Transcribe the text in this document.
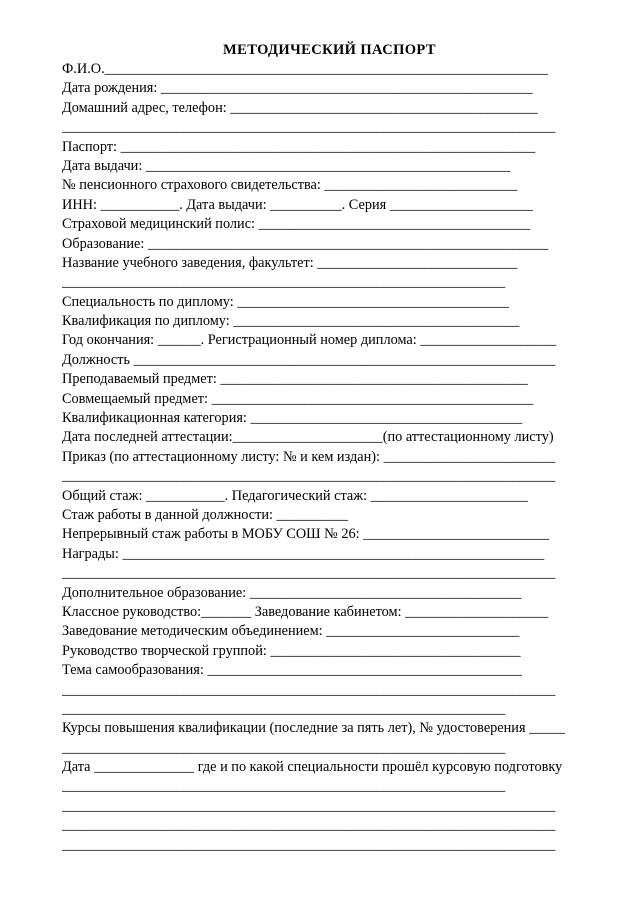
МЕТОДИЧЕСКИЙ ПАСПОРТ
Ф.И.О.______________________________________________________________
Дата рождения: ____________________________________________________
Домашний адрес, телефон: ___________________________________________
_____________________________________________________________________
Паспорт: __________________________________________________________
Дата выдачи: ___________________________________________________
№ пенсионного страхового свидетельства: ___________________________
ИНН: ___________. Дата выдачи: __________. Серия ____________________
Страховой медицинский полис: ______________________________________
Образование: ________________________________________________________
Название учебного заведения, факультет: ____________________________
______________________________________________________________
Специальность по диплому: ______________________________________
Квалификация по диплому: ________________________________________
Год окончания: ______. Регистрационный номер диплома: ___________________
Должность ___________________________________________________________
Преподаваемый предмет: ___________________________________________
Совмещаемый предмет: _____________________________________________
Квалификационная категория: ______________________________________
Дата последней аттестации:_____________________(по аттестационному листу)
Приказ (по аттестационному листу: № и кем издан): ________________________
_____________________________________________________________________
Общий стаж: ___________. Педагогический стаж: ______________________
Стаж работы в данной должности: __________
Непрерывный стаж работы в МОБУ СОШ № 26: __________________________
Награды: ___________________________________________________________
_____________________________________________________________________
Дополнительное образование: ______________________________________
Классное руководство:_______ Заведование кабинетом: ____________________
Заведование методическим объединением: ___________________________
Руководство творческой группой: ___________________________________
Тема самообразования: ____________________________________________
_____________________________________________________________________
______________________________________________________________
Курсы повышения квалификации (последние за пять лет), № удостоверения _____
______________________________________________________________
Дата ______________ где и по какой специальности прошёл курсовую подготовку
______________________________________________________________
_____________________________________________________________________
_____________________________________________________________________
_____________________________________________________________________
